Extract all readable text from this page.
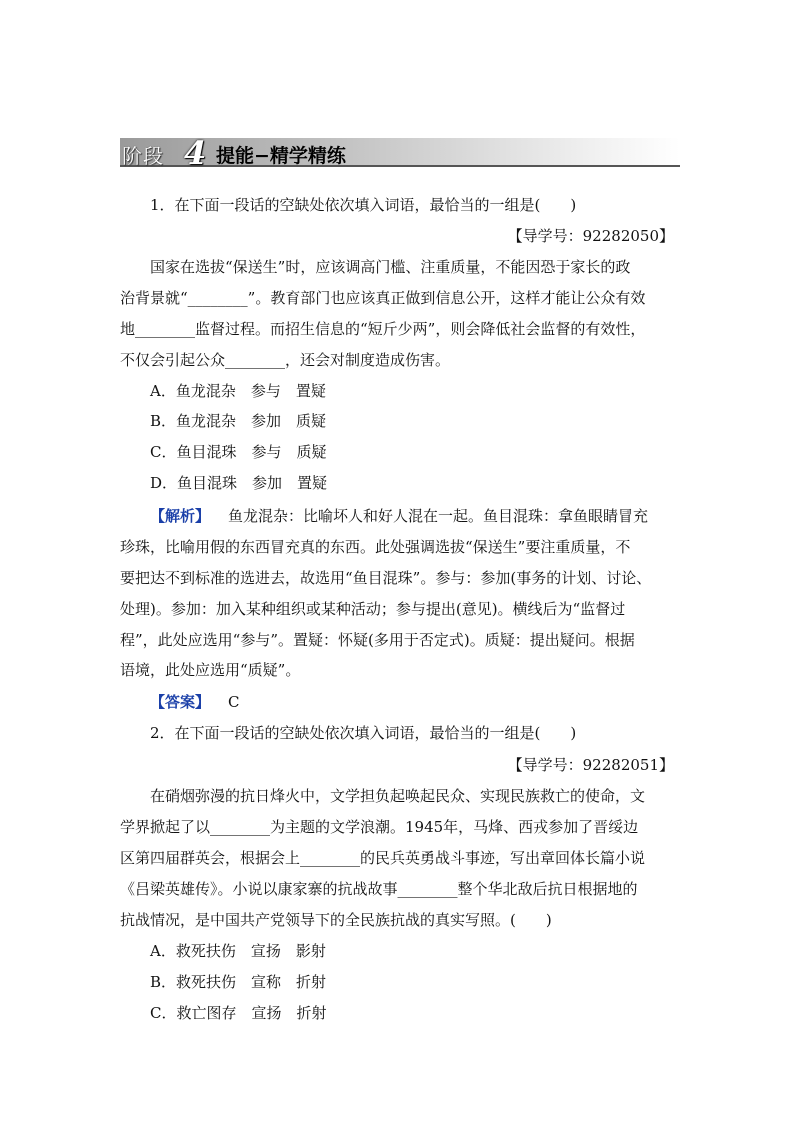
阶段 4 提能−精学精练
1．在下面一段话的空缺处依次填入词语，最恰当的一组是(　　)
【导学号：92282050】
国家在选拔“保送生”时，应该调高门槛、注重质量，不能因恐于家长的政
治背景就“________”。教育部门也应该真正做到信息公开，这样才能让公众有效
地________监督过程。而招生信息的“短斤少两”，则会降低社会监督的有效性，
不仅会引起公众________，还会对制度造成伤害。
A．鱼龙混杂　参与　置疑
B．鱼龙混杂　参加　质疑
C．鱼目混珠　参与　质疑
D．鱼目混珠　参加　置疑
【解析】 鱼龙混杂：比喻坏人和好人混在一起。鱼目混珠：拿鱼眼睛冒充
珍珠，比喻用假的东西冒充真的东西。此处强调选拔“保送生”要注重质量，不
要把达不到标准的选进去，故选用“鱼目混珠”。参与：参加(事务的计划、讨论、
处理)。参加：加入某种组织或某种活动；参与提出(意见)。横线后为“监督过
程”，此处应选用“参与”。置疑：怀疑(多用于否定式)。质疑：提出疑问。根据
语境，此处应选用“质疑”。
【答案】 C
2．在下面一段话的空缺处依次填入词语，最恰当的一组是(　　)
【导学号：92282051】
在硝烟弥漫的抗日烽火中，文学担负起唤起民众、实现民族救亡的使命，文
学界掀起了以________为主题的文学浪潮。1945年，马烽、西戎参加了晋绥边
区第四届群英会，根据会上________的民兵英勇战斗事迹，写出章回体长篇小说
《吕梁英雄传》。小说以康家寨的抗战故事________整个华北敌后抗日根据地的
抗战情况，是中国共产党领导下的全民族抗战的真实写照。(　　)
A．救死扶伤　宣扬　影射
B．救死扶伤　宣称　折射
C．救亡图存　宣扬　折射
